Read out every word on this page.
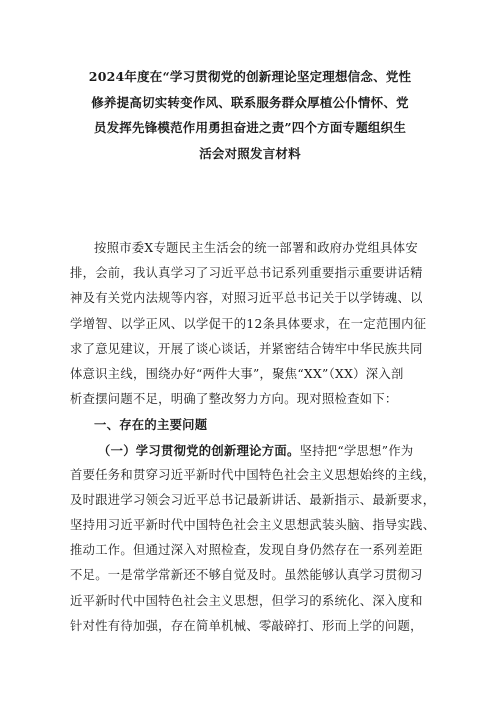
2024年度在“学习贯彻党的创新理论坚定理想信念、党性
修养提高切实转变作风、联系服务群众厚植公仆情怀、党
员发挥先锋模范作用勇担奋进之责”四个方面专题组织生
活会对照发言材料
按照市委X专题民主生活会的统一部署和政府办党组具体安
排，会前，我认真学习了习近平总书记系列重要指示重要讲话精
神及有关党内法规等内容，对照习近平总书记关于以学铸魂、以
学增智、以学正风、以学促干的12条具体要求，在一定范围内征
求了意见建议，开展了谈心谈话，并紧密结合铸牢中华民族共同
体意识主线，围绕办好“两件大事”，聚焦“XX”（XX）深入剖
析查摆问题不足，明确了整改努力方向。现对照检查如下：
一、存在的主要问题
（一）学习贯彻党的创新理论方面。坚持把“学思想”作为
首要任务和贯穿习近平新时代中国特色社会主义思想始终的主线，
及时跟进学习领会习近平总书记最新讲话、最新指示、最新要求，
坚持用习近平新时代中国特色社会主义思想武装头脑、指导实践、
推动工作。但通过深入对照检查，发现自身仍然存在一系列差距
不足。一是常学常新还不够自觉及时。虽然能够认真学习贯彻习
近平新时代中国特色社会主义思想，但学习的系统化、深入度和
针对性有待加强，存在简单机械、零敲碎打、形而上学的问题，
